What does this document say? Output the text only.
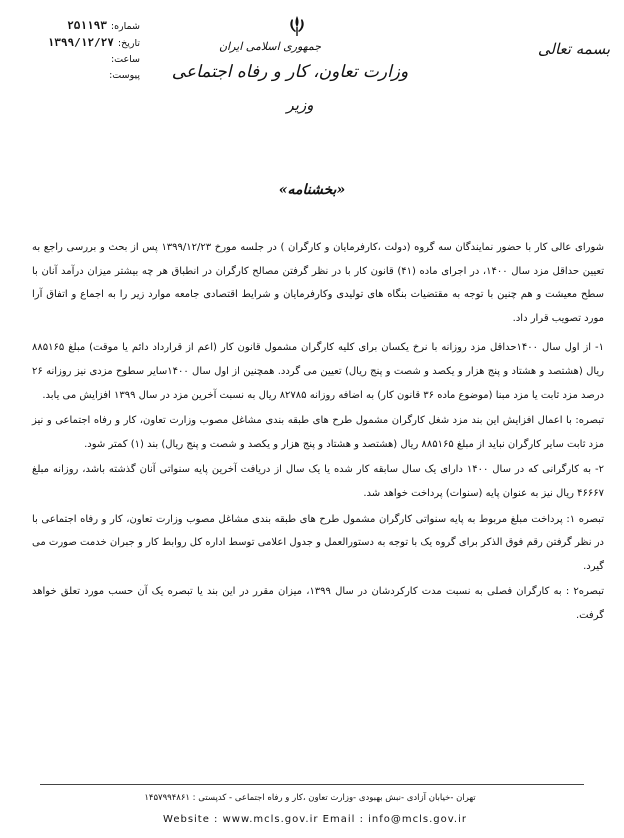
شماره:
۲۵۱۱۹۳
تاریخ:
۱۳۹۹/۱۲/۲۷
ساعت:
پیوست:
جمهوری اسلامی ایران
وزارت تعاون، کار و رفاه اجتماعی
وزیر
بسمه تعالی
«بخشنامه»

شورای عالی کار با حضور نمایندگان سه گروه (دولت ،کارفرمایان و کارگران ) در جلسه مورخ ۱۳۹۹/۱۲/۲۳ پس از بحث و بررسی راجع به تعیین حداقل مزد سال ۱۴۰۰، در اجرای ماده (۴۱) قانون کار با در نظر گرفتن مصالح کارگران در انطباق هر چه بیشتر میزان درآمد آنان با سطح معیشت و هم چنین با توجه به مقتضیات بنگاه های تولیدی وکارفرمایان و شرایط اقتصادی جامعه موارد زیر را به اجماع و اتفاق آرا مورد تصویب قرار داد.

۱- از اول سال ۱۴۰۰حداقل مزد روزانه با نرخ یکسان برای کلیه کارگران مشمول قانون کار (اعم از قرارداد دائم یا موقت) مبلغ ۸۸۵۱۶۵ ریال (هشتصد و هشتاد و پنج هزار و یکصد و شصت و پنج ریال) تعیین می گردد. همچنین از اول سال ۱۴۰۰سایر سطوح مزدی نیز روزانه ۲۶ درصد مزد ثابت یا مزد مبنا (موضوع ماده ۳۶ قانون کار) به اضافه روزانه ۸۲۷۸۵ ریال به نسبت آخرین مزد در سال ۱۳۹۹ افزایش می یابد.

تبصره: با اعمال افزایش این بند مزد شغل کارگران مشمول طرح های طبقه بندی مشاغل مصوب وزارت تعاون، کار و رفاه اجتماعی و نیز مزد ثابت سایر کارگران نباید از مبلغ ۸۸۵۱۶۵ ریال (هشتصد و هشتاد و پنج هزار و یکصد و شصت و پنج ریال) بند (۱) کمتر شود.

۲- به کارگرانی که در سال ۱۴۰۰ دارای یک سال سابقه کار شده یا یک سال از دریافت آخرین پایه سنواتی آنان گذشته باشد، روزانه مبلغ ۴۶۶۶۷ ریال نیز به عنوان پایه (سنوات) پرداخت خواهد شد.

تبصره ۱: پرداخت مبلغ مربوط به پایه سنواتی کارگران مشمول طرح های طبقه بندی مشاغل مصوب وزارت تعاون، کار و رفاه اجتماعی با در نظر گرفتن رقم فوق الذکر برای گروه یک با توجه به دستورالعمل و جدول اعلامی توسط اداره کل روابط کار و جبران خدمت صورت می گیرد.

تبصره۲ : به کارگران فصلی به نسبت مدت کارکردشان در سال ۱۳۹۹، میزان مقرر در این بند یا تبصره یک آن حسب مورد تعلق خواهد گرفت.

تهران -خیابان آزادی -نبش بهبودی -وزارت تعاون ،کار و رفاه اجتماعی - کدپستی : ۱۴۵۷۹۹۴۸۶۱
Website : www.mcls.gov.ir Email : info@mcls.gov.ir
